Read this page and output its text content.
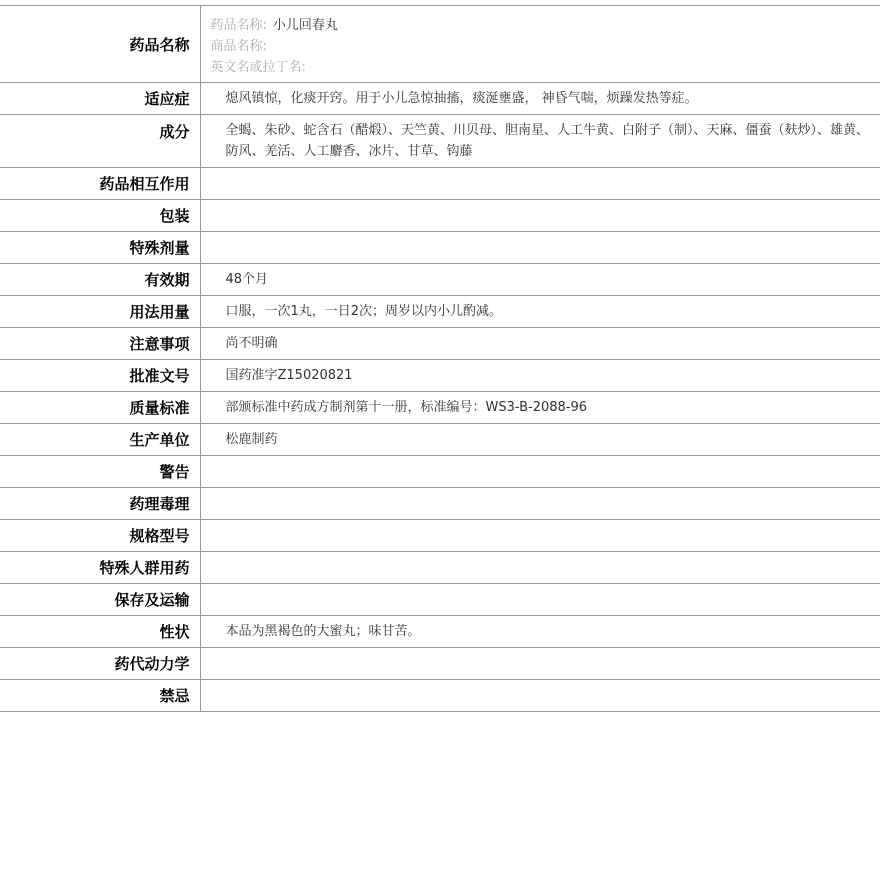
药品名称	药品名称: 小儿回春丸
商品名称:
英文名或拉丁名:

适应症	熄风镇惊，化痰开窍。用于小儿急惊抽搐，痰涎壅盛， 神昏气喘，烦躁发热等症。
成分	全蝎、朱砂、蛇含石（醋煅）、天竺黄、川贝母、胆南星、人工牛黄、白附子（制）、天麻、僵蚕（麸炒）、雄黄、防风、羌活、人工麝香、冰片、甘草、钩藤
药品相互作用	
包装	
特殊剂量	
有效期	48个月
用法用量	口服，一次1丸，一日2次；周岁以内小儿酌减。
注意事项	尚不明确
批准文号	国药准字Z15020821
质量标准	部颁标准中药成方制剂第十一册，标准编号：WS3-B-2088-96
生产单位	松鹿制药
警告	
药理毒理	
规格型号	
特殊人群用药	
保存及运输	
性状	本品为黑褐色的大蜜丸；味甘苦。
药代动力学	
禁忌	
